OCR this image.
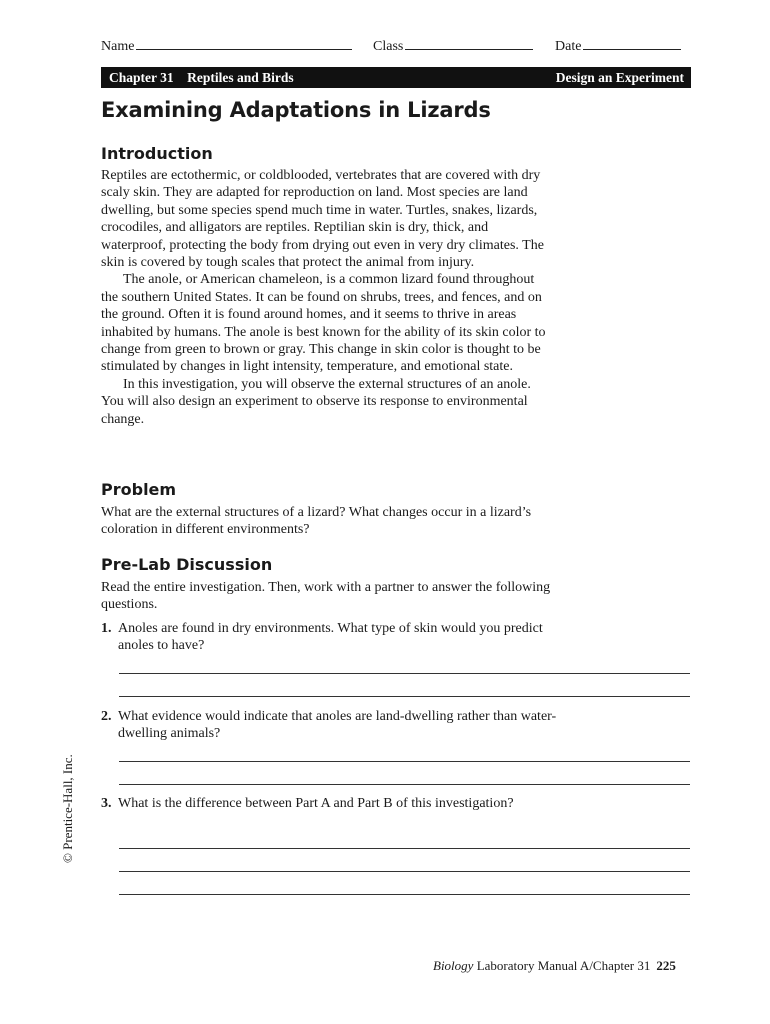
Name	Class	Date
Chapter 31    Reptiles and Birds	Design an Experiment
Examining Adaptations in Lizards
Introduction

Reptiles are ectothermic, or coldblooded, vertebrates that are covered with dry scaly skin. They are adapted for reproduction on land. Most species are land dwelling, but some species spend much time in water. Turtles, snakes, lizards, crocodiles, and alligators are reptiles. Reptilian skin is dry, thick, and waterproof, protecting the body from drying out even in very dry climates. The skin is covered by tough scales that protect the animal from injury.

The anole, or American chameleon, is a common lizard found throughout the southern United States. It can be found on shrubs, trees, and fences, and on the ground. Often it is found around homes, and it seems to thrive in areas inhabited by humans. The anole is best known for the ability of its skin color to change from green to brown or gray. This change in skin color is thought to be stimulated by changes in light intensity, temperature, and emotional state.

In this investigation, you will observe the external structures of an anole. You will also design an experiment to observe its response to environmental change.

Problem

What are the external structures of a lizard? What changes occur in a lizard’s coloration in different environments?

Pre-Lab Discussion

Read the entire investigation. Then, work with a partner to answer the following questions.

1. Anoles are found in dry environments. What type of skin would you predict anoles to have?
2. What evidence would indicate that anoles are land-dwelling rather than water-dwelling animals?
3. What is the difference between Part A and Part B of this investigation?
© Prentice-Hall, Inc.
Biology Laboratory Manual A/Chapter 31 225
